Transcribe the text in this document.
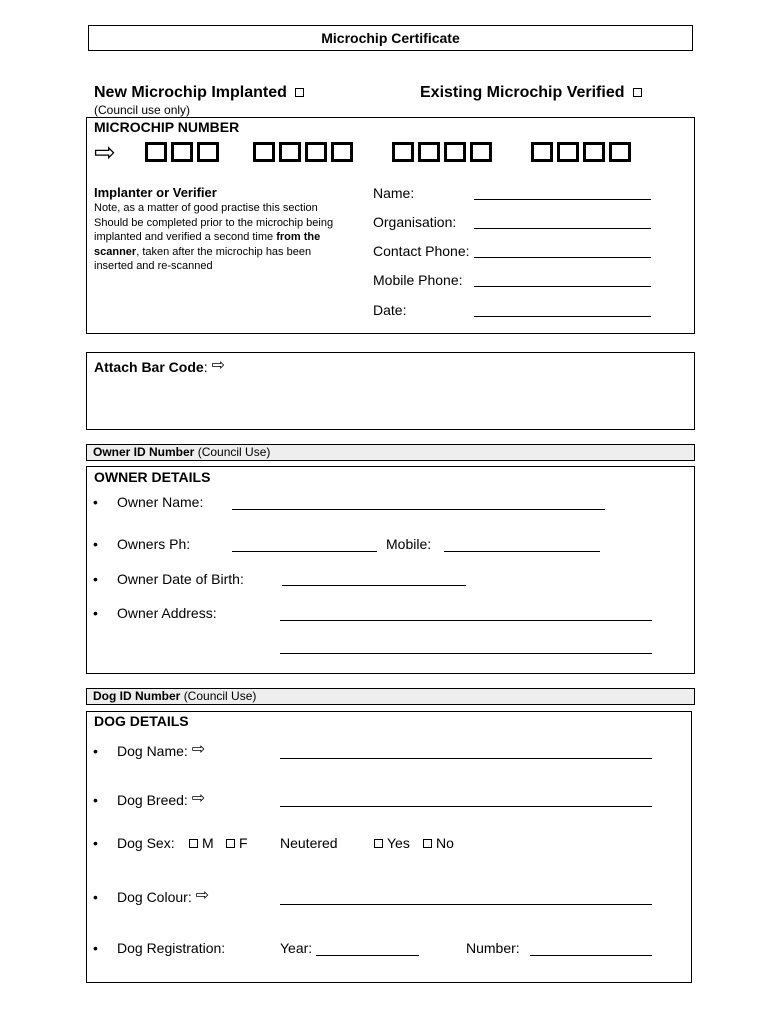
Microchip Certificate
New Microchip Implanted	Existing Microchip Verified
(Council use only)
MICROCHIP NUMBER
⇨
Implanter or Verifier
Note, as a matter of good practise this section
Should be completed prior to the microchip being
implanted and verified a second time from the
scanner, taken after the microchip has been
inserted and re-scanned
Name:
Organisation:
Contact Phone:
Mobile Phone:
Date:
Attach Bar Code: ⇨
Owner ID Number (Council Use)
OWNER DETAILS
• Owner Name:
• Owners Ph:	Mobile:
• Owner Date of Birth:
• Owner Address:
Dog ID Number (Council Use)
DOG DETAILS
• Dog Name: ⇨
• Dog Breed: ⇨
• Dog Sex:	M	F Neutered	Yes	No
• Dog Colour: ⇨
• Dog Registration:	Year:	Number:
